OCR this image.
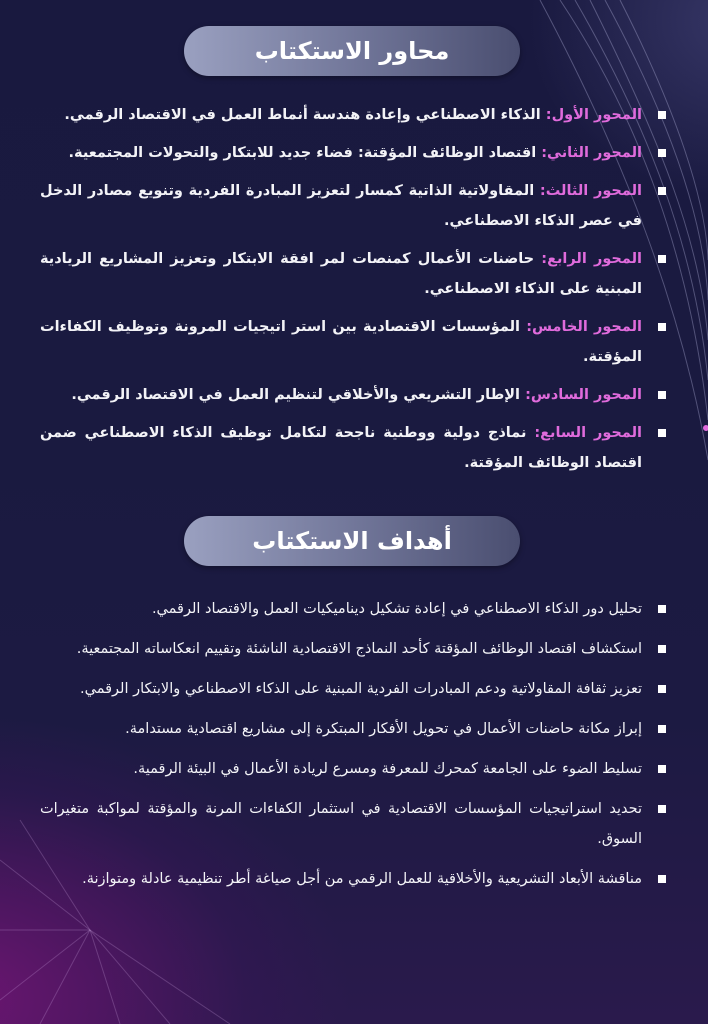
محاور الاستكتاب
المحور الأول: الذكاء الاصطناعي وإعادة هندسة أنماط العمل في الاقتصاد الرقمي.
المحور الثاني: اقتصاد الوظائف المؤقتة: فضاء جديد للابتكار والتحولات المجتمعية.
المحور الثالث: المقاولاتية الذاتية كمسار لتعزيز المبادرة الفردية وتنويع مصادر الدخل في عصر الذكاء الاصطناعي.
المحور الرابع: حاضنات الأعمال كمنصات لمر افقة الابتكار وتعزيز المشاريع الريادية المبنية على الذكاء الاصطناعي.
المحور الخامس: المؤسسات الاقتصادية بين استر اتيجيات المرونة وتوظيف الكفاءات المؤقتة.
المحور السادس: الإطار التشريعي والأخلاقي لتنظيم العمل في الاقتصاد الرقمي.
المحور السابع: نماذج دولية ووطنية ناجحة لتكامل توظيف الذكاء الاصطناعي ضمن اقتصاد الوظائف المؤقتة.
أهداف الاستكتاب
تحليل دور الذكاء الاصطناعي في إعادة تشكيل ديناميكيات العمل والاقتصاد الرقمي.
استكشاف اقتصاد الوظائف المؤقتة كأحد النماذج الاقتصادية الناشئة وتقييم انعكاساته المجتمعية.
تعزيز ثقافة المقاولاتية ودعم المبادرات الفردية المبنية على الذكاء الاصطناعي والابتكار الرقمي.
إبراز مكانة حاضنات الأعمال في تحويل الأفكار المبتكرة إلى مشاريع اقتصادية مستدامة.
تسليط الضوء على الجامعة كمحرك للمعرفة ومسرع لريادة الأعمال في البيئة الرقمية.
تحديد استراتيجيات المؤسسات الاقتصادية في استثمار الكفاءات المرنة والمؤقتة لمواكبة متغيرات السوق.
مناقشة الأبعاد التشريعية والأخلاقية للعمل الرقمي من أجل صياغة أطر تنظيمية عادلة ومتوازنة.
